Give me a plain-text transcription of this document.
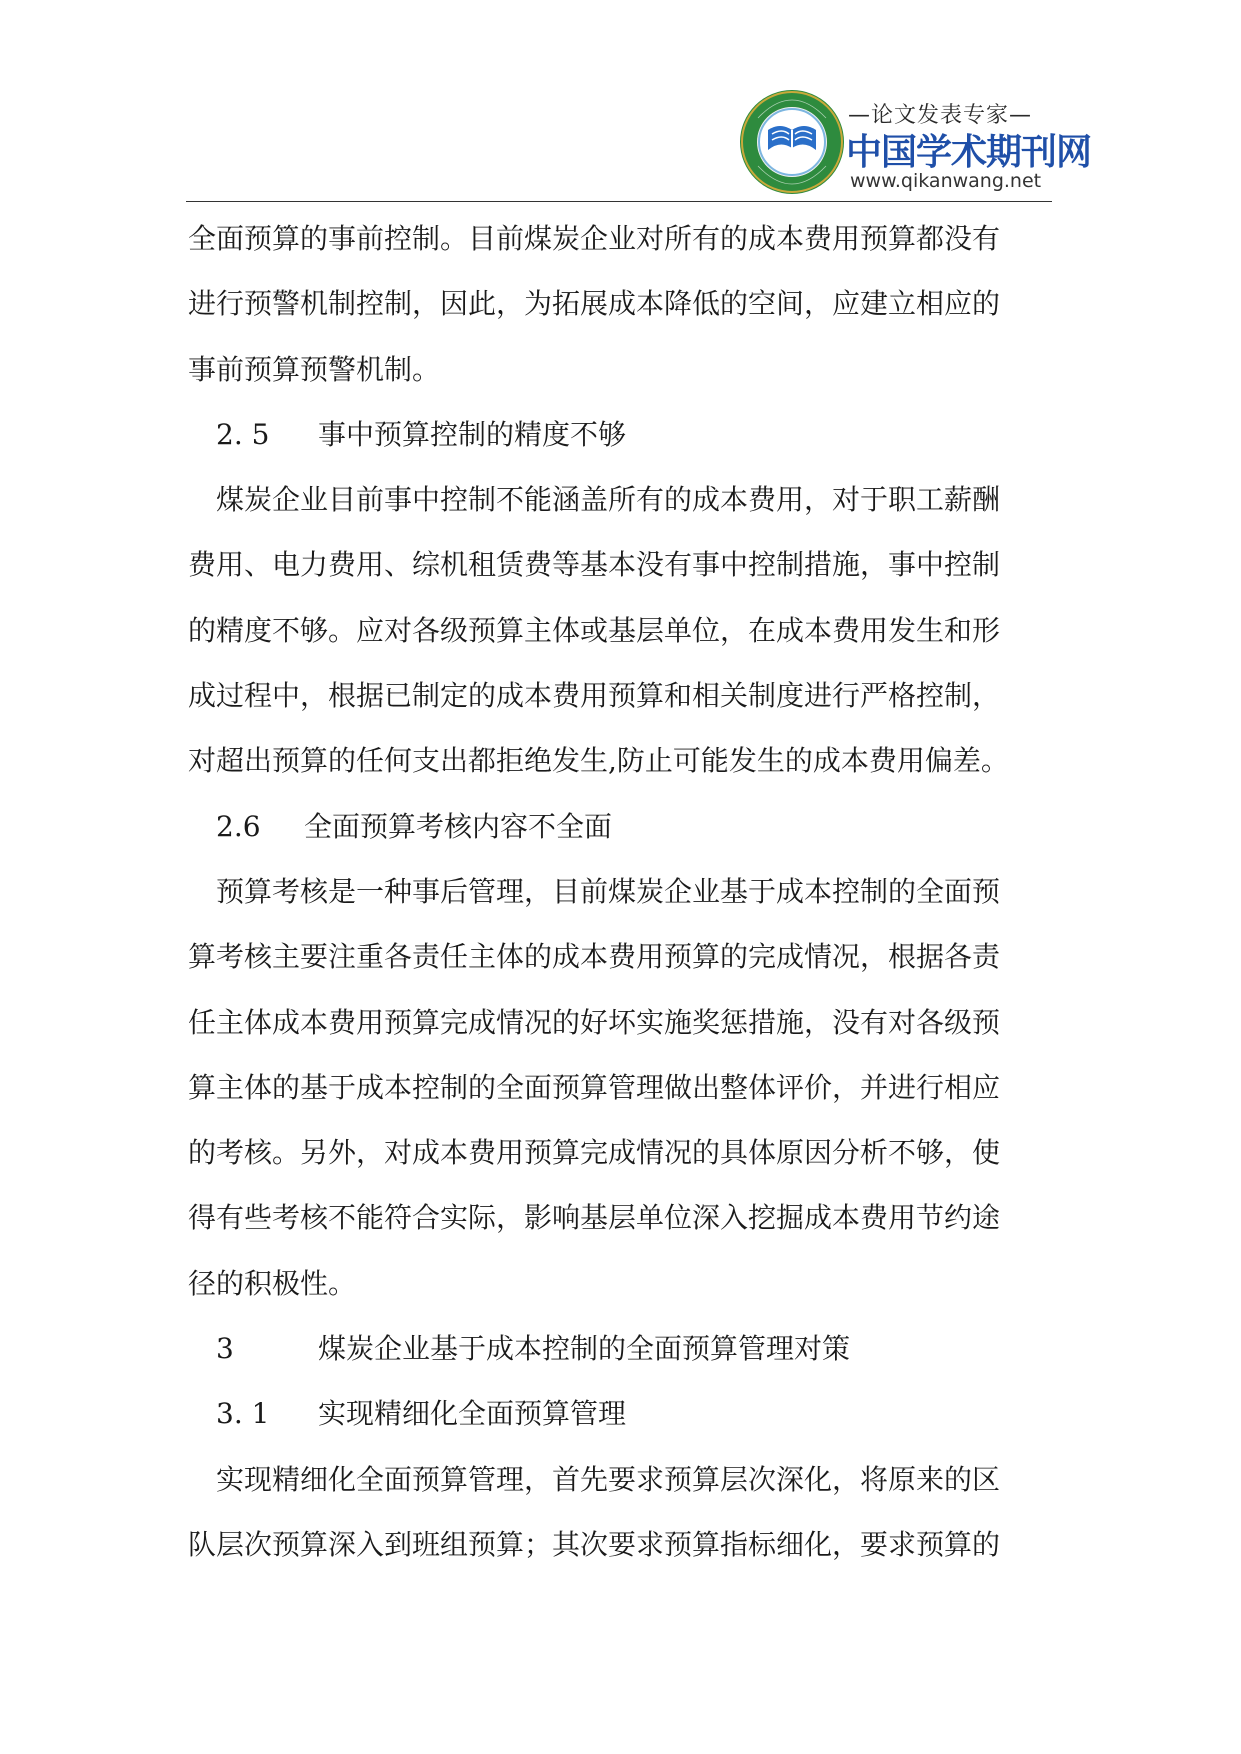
—论文发表专家—
中国学术期刊网
www.qikanwang.net
全面预算的事前控制。目前煤炭企业对所有的成本费用预算都没有
进行预警机制控制，因此，为拓展成本降低的空间，应建立相应的
事前预算预警机制。
2. 5 事中预算控制的精度不够
煤炭企业目前事中控制不能涵盖所有的成本费用，对于职工薪酬
费用、电力费用、综机租赁费等基本没有事中控制措施，事中控制
的精度不够。应对各级预算主体或基层单位，在成本费用发生和形
成过程中，根据已制定的成本费用预算和相关制度进行严格控制，
对超出预算的任何支出都拒绝发生,防止可能发生的成本费用偏差。
2.6 全面预算考核内容不全面
预算考核是一种事后管理，目前煤炭企业基于成本控制的全面预
算考核主要注重各责任主体的成本费用预算的完成情况，根据各责
任主体成本费用预算完成情况的好坏实施奖惩措施，没有对各级预
算主体的基于成本控制的全面预算管理做出整体评价，并进行相应
的考核。另外，对成本费用预算完成情况的具体原因分析不够，使
得有些考核不能符合实际，影响基层单位深入挖掘成本费用节约途
径的积极性。
3	煤炭企业基于成本控制的全面预算管理对策
3. 1 实现精细化全面预算管理
实现精细化全面预算管理，首先要求预算层次深化，将原来的区
队层次预算深入到班组预算；其次要求预算指标细化，要求预算的
